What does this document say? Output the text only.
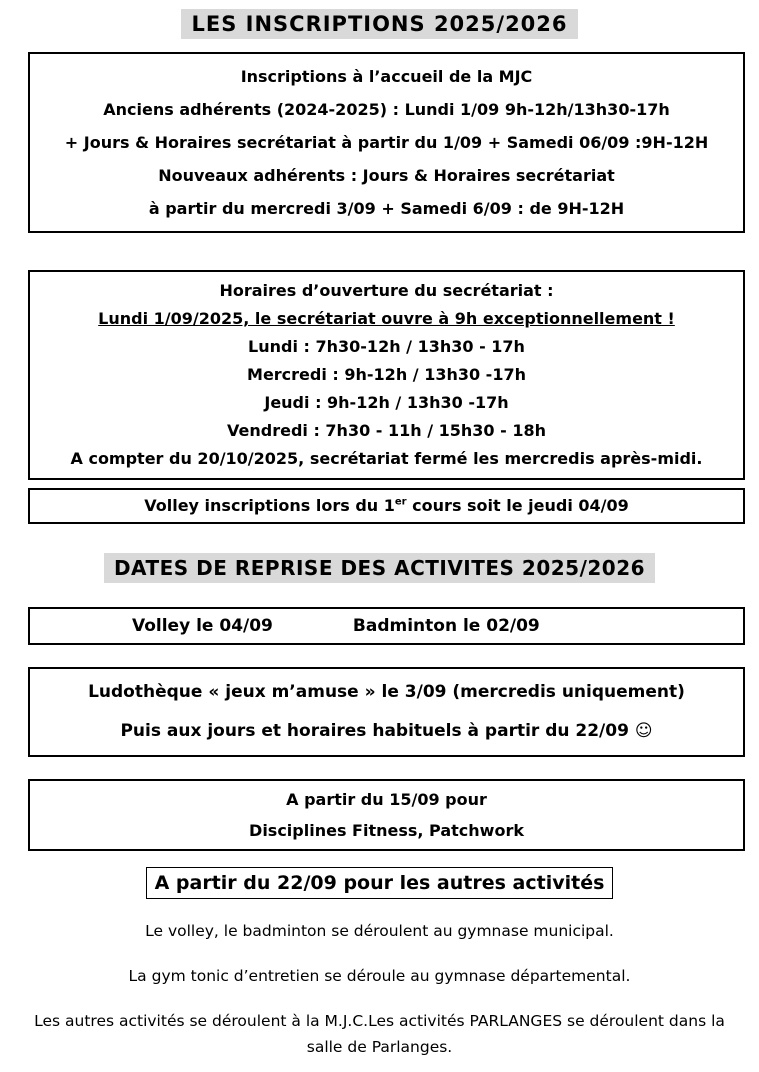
LES INSCRIPTIONS 2025/2026
Inscriptions à l’accueil de la MJC
Anciens adhérents (2024-2025) : Lundi 1/09 9h-12h/13h30-17h
+ Jours & Horaires secrétariat à partir du 1/09 + Samedi 06/09 :9H-12H
Nouveaux adhérents : Jours & Horaires secrétariat
à partir du mercredi 3/09 + Samedi 6/09 : de 9H-12H
Horaires d’ouverture du secrétariat :
Lundi 1/09/2025, le secrétariat ouvre à 9h exceptionnellement !
Lundi : 7h30-12h / 13h30 - 17h
Mercredi : 9h-12h / 13h30 -17h
Jeudi : 9h-12h / 13h30 -17h
Vendredi : 7h30 - 11h / 15h30 - 18h
A compter du 20/10/2025, secrétariat fermé les mercredis après-midi.
Volley inscriptions lors du 1er cours soit le jeudi 04/09
DATES DE REPRISE DES ACTIVITES 2025/2026
Volley le 04/09	Badminton le 02/09
Ludothèque « jeux m’amuse » le 3/09 (mercredis uniquement)
Puis aux jours et horaires habituels à partir du 22/09 ☺
A partir du 15/09 pour
Disciplines Fitness, Patchwork
A partir du 22/09 pour les autres activités

Le volley, le badminton se déroulent au gymnase municipal.

La gym tonic d’entretien se déroule au gymnase départemental.

Les autres activités se déroulent à la M.J.C.Les activités PARLANGES se déroulent dans la salle de Parlanges.
